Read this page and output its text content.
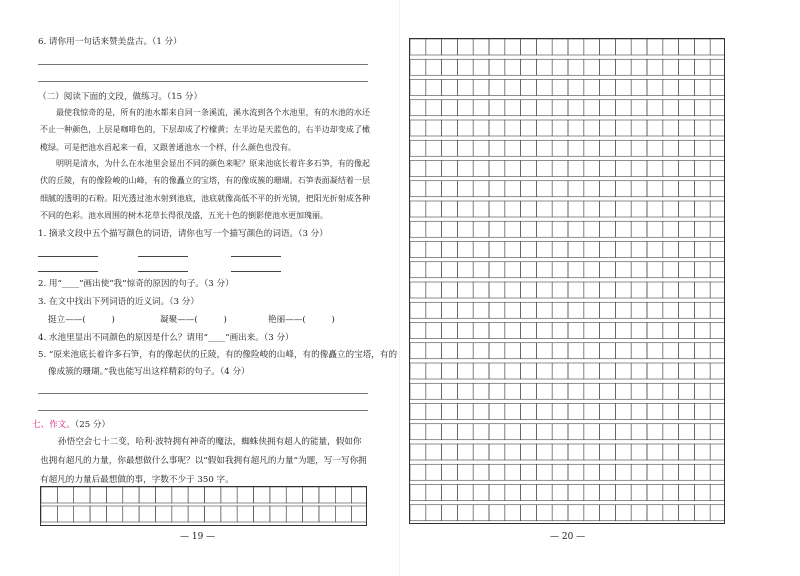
6. 请你用一句话来赞美盘古。（1 分）
（二）阅读下面的文段，做练习。（15 分）
最使我惊奇的是，所有的池水都来自同一条溪流，溪水流到各个水池里，有的水池的水还不止一种颜色，上层是咖啡色的，下层却成了柠檬黄；左半边是天蓝色的，右半边却变成了橄榄绿。可是把池水舀起来一看，又跟普通池水一个样，什么颜色也没有。
明明是清水，为什么在水池里会显出不同的颜色来呢？原来池底长着许多石笋，有的像起伏的丘陵，有的像险峻的山峰，有的像矗立的宝塔，有的像成簇的珊瑚。石笋表面凝结着一层细腻的透明的石粉。阳光透过池水射到池底，池底就像高低不平的折光镜，把阳光折射成各种不同的色彩。池水周围的树木花草长得很茂盛，五光十色的倒影使池水更加瑰丽。
1. 摘录文段中五个描写颜色的词语，请你也写一个描写颜色的词语。（3 分）
2. 用“____”画出使“我”惊奇的原因的句子。（3 分）
3. 在文中找出下列词语的近义词。（3 分）
挺立——(　　　)	凝聚——(　　　)	艳丽——(　　　)
4. 水池里显出不同颜色的原因是什么？请用“____”画出来。（3 分）
5. “原来池底长着许多石笋，有的像起伏的丘陵，有的像险峻的山峰，有的像矗立的宝塔，有的
像成簇的珊瑚。”我也能写出这样精彩的句子。（4 分）
七、作文。（25 分）
孙悟空会七十二变，哈利·波特拥有神奇的魔法，蜘蛛侠拥有超人的能量，假如你也拥有超凡的力量，你最想做什么事呢？以“假如我拥有超凡的力量”为题，写一写你拥有超凡的力量后最想做的事，字数不少于 350 字。
— 19 —	— 20 —
